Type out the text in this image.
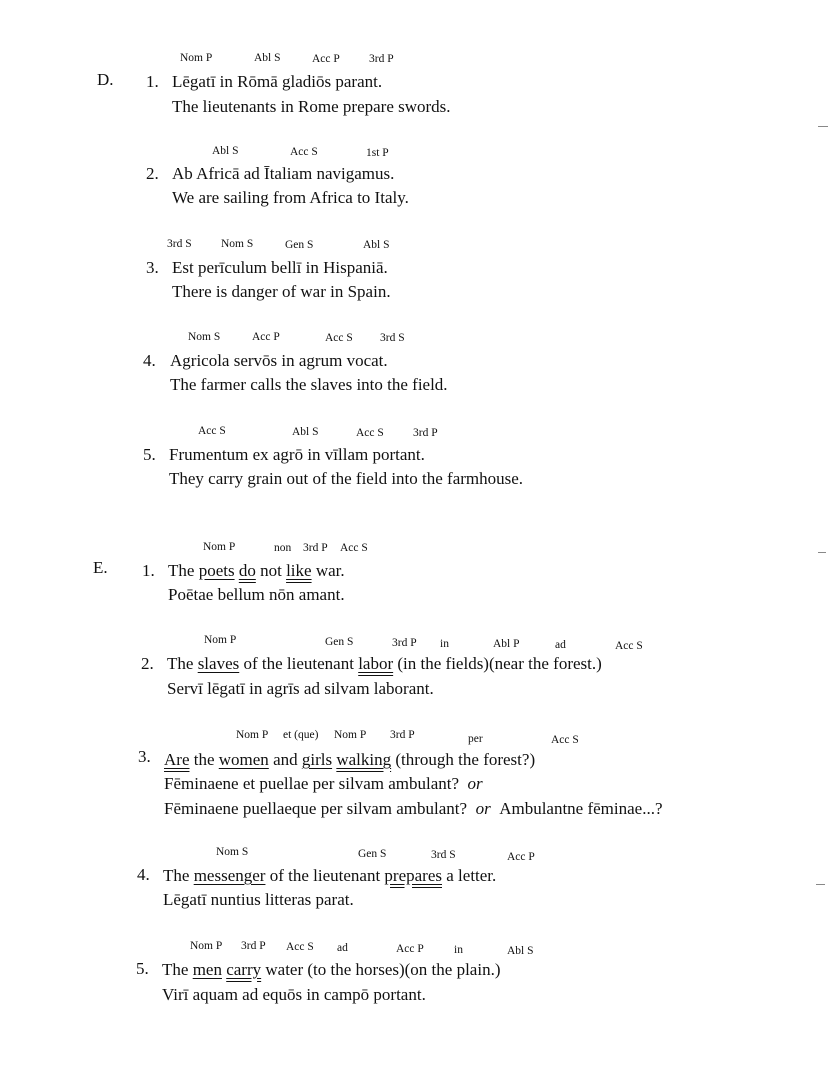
D.
Nom P	Abl S	Acc P	3rd P
1. Lēgatī in Rōmā gladiōs parant.
The lieutenants in Rome prepare swords.
Abl S	Acc S	1st P
2. Ab Africā ad Ītaliam navigamus.
We are sailing from Africa to Italy.
3rd S	Nom S	Gen S	Abl S
3. Est perīculum bellī in Hispaniā.
There is danger of war in Spain.
Nom S	Acc P	Acc S 3rd S
4. Agricola servōs in agrum vocat.
The farmer calls the slaves into the field.
Acc S	Abl S	Acc S	3rd P
5. Frumentum ex agrō in vīllam portant.
They carry grain out of the field into the farmhouse.
E.
Nom P	non 3rd P Acc S
1. The poets do not like war.
Poētae bellum nōn amant.
Nom P	Gen S	3rd P in	Abl P	ad	Acc S
2. The slaves of the lieutenant labor (in the fields)(near the forest.)
Servī lēgatī in agrīs ad silvam laborant.
Nom P et (que) Nom P 3rd P	per	Acc S
3. Are the women and girls walking (through the forest?)
Fēminaene et puellae per silvam ambulant? or
Fēminaene puellaeque per silvam ambulant? or Ambulantne fēminae...?
Nom S	Gen S	3rd S	Acc P
4. The messenger of the lieutenant prepares a letter.
Lēgatī nuntius litteras parat.
Nom P 3rd P Acc S ad	Acc P	in	Abl S
5. The men carry water (to the horses)(on the plain.)
Virī aquam ad equōs in campō portant.
